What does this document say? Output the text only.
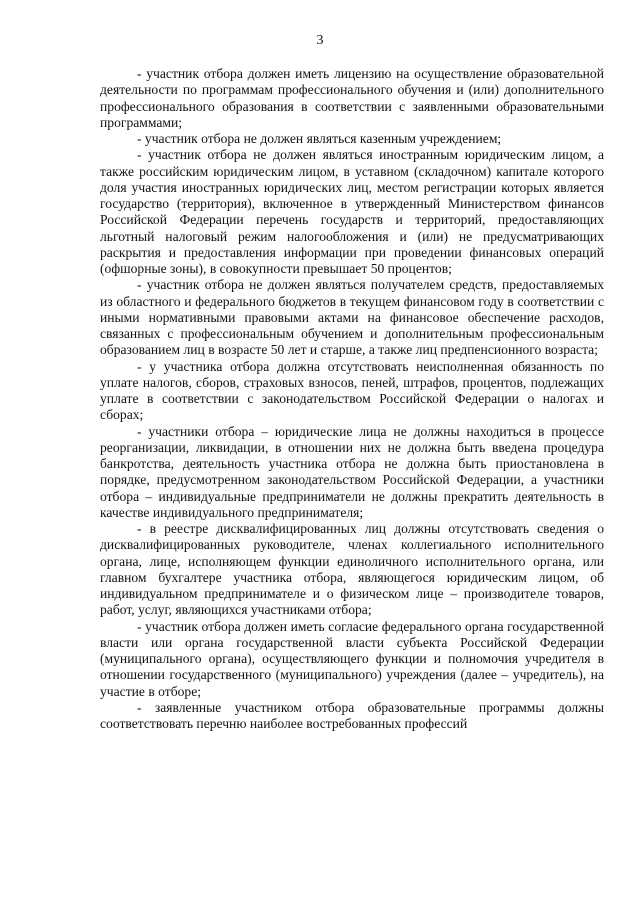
3

- участник отбора должен иметь лицензию на осуществление образовательной деятельности по программам профессионального обучения и (или) дополнительного профессионального образования в соответствии с заявленными образовательными программами;

- участник отбора не должен являться казенным учреждением;

- участник отбора не должен являться иностранным юридическим лицом, а также российским юридическим лицом, в уставном (складочном) капитале которого доля участия иностранных юридических лиц, местом регистрации которых является государство (территория), включенное в утвержденный Министерством финансов Российской Федерации перечень государств и территорий, предоставляющих льготный налоговый режим налогообложения и (или) не предусматривающих раскрытия и предоставления информации при проведении финансовых операций (офшорные зоны), в совокупности превышает 50 процентов;

- участник отбора не должен являться получателем средств, предоставляемых из областного и федерального бюджетов в текущем финансовом году в соответствии с иными нормативными правовыми актами на финансовое обеспечение расходов, связанных с профессиональным обучением и дополнительным профессиональным образованием лиц в возрасте 50 лет и старше, а также лиц предпенсионного возраста;

- у участника отбора должна отсутствовать неисполненная обязанность по уплате налогов, сборов, страховых взносов, пеней, штрафов, процентов, подлежащих уплате в соответствии с законодательством Российской Федерации о налогах и сборах;

- участники отбора – юридические лица не должны находиться в процессе реорганизации, ликвидации, в отношении них не должна быть введена процедура банкротства, деятельность участника отбора не должна быть приостановлена в порядке, предусмотренном законодательством Российской Федерации, а участники отбора – индивидуальные предприниматели не должны прекратить деятельность в качестве индивидуального предпринимателя;

- в реестре дисквалифицированных лиц должны отсутствовать сведения о дисквалифицированных руководителе, членах коллегиального исполнительного органа, лице, исполняющем функции единоличного исполнительного органа, или главном бухгалтере участника отбора, являющегося юридическим лицом, об индивидуальном предпринимателе и о физическом лице – производителе товаров, работ, услуг, являющихся участниками отбора;

- участник отбора должен иметь согласие федерального органа государственной власти или органа государственной власти субъекта Российской Федерации (муниципального органа), осуществляющего функции и полномочия учредителя в отношении государственного (муниципального) учреждения (далее – учредитель), на участие в отборе;

- заявленные участником отбора образовательные программы должны соответствовать перечню наиболее востребованных профессий
